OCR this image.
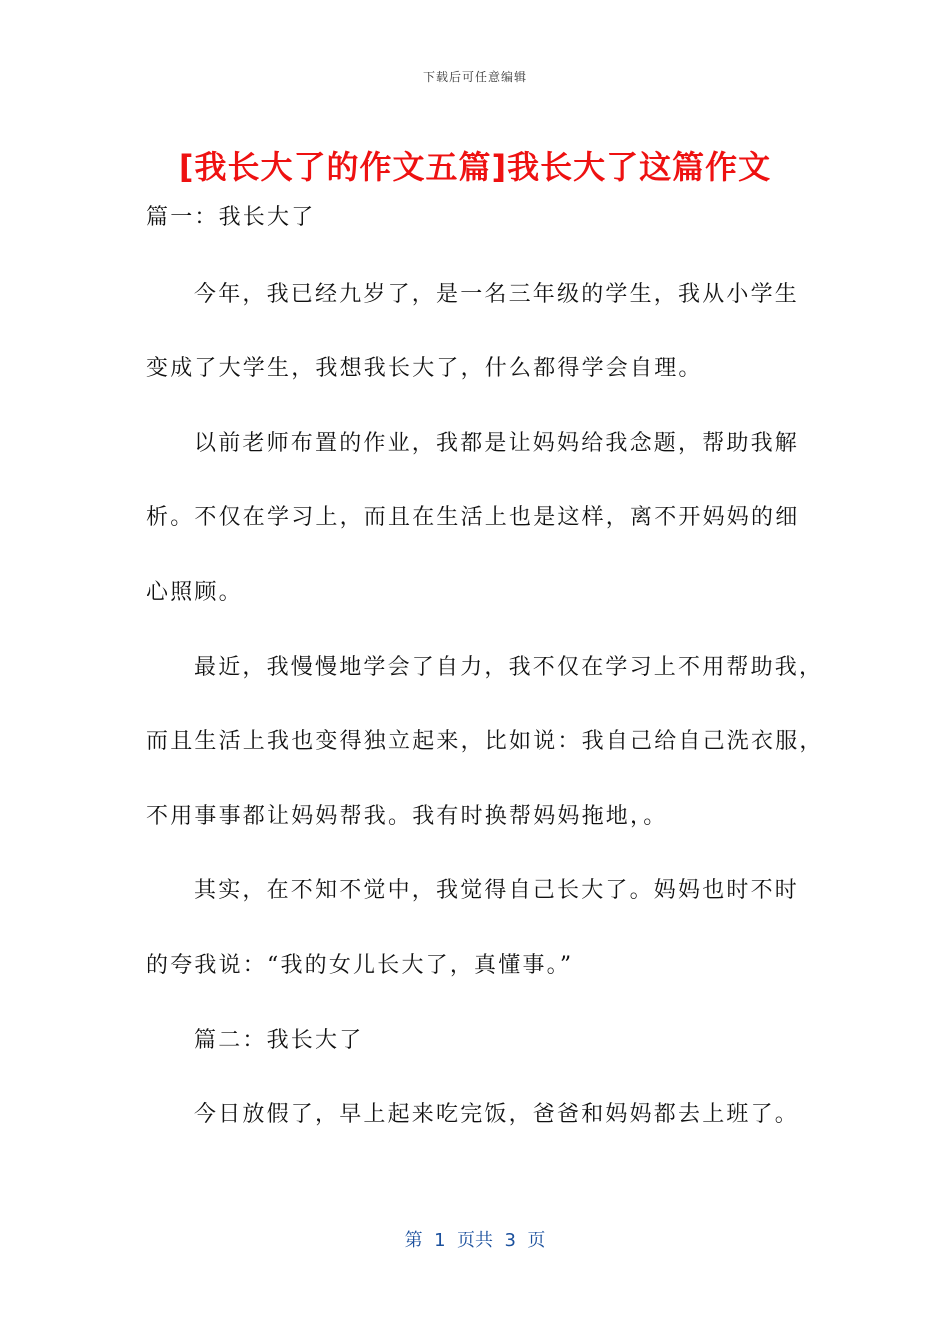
下载后可任意编辑
[我长大了的作文五篇]我长大了这篇作文
篇一：我长大了
今年，我已经九岁了，是一名三年级的学生，我从小学生
变成了大学生，我想我长大了，什么都得学会自理。
以前老师布置的作业，我都是让妈妈给我念题，帮助我解
析。不仅在学习上，而且在生活上也是这样，离不开妈妈的细
心照顾。
最近，我慢慢地学会了自力，我不仅在学习上不用帮助我，
而且生活上我也变得独立起来，比如说：我自己给自己洗衣服，
不用事事都让妈妈帮我。我有时换帮妈妈拖地，。
其实，在不知不觉中，我觉得自己长大了。妈妈也时不时
的夸我说：“我的女儿长大了，真懂事。”
篇二：我长大了
今日放假了，早上起来吃完饭，爸爸和妈妈都去上班了。
第  1  页共  3  页
